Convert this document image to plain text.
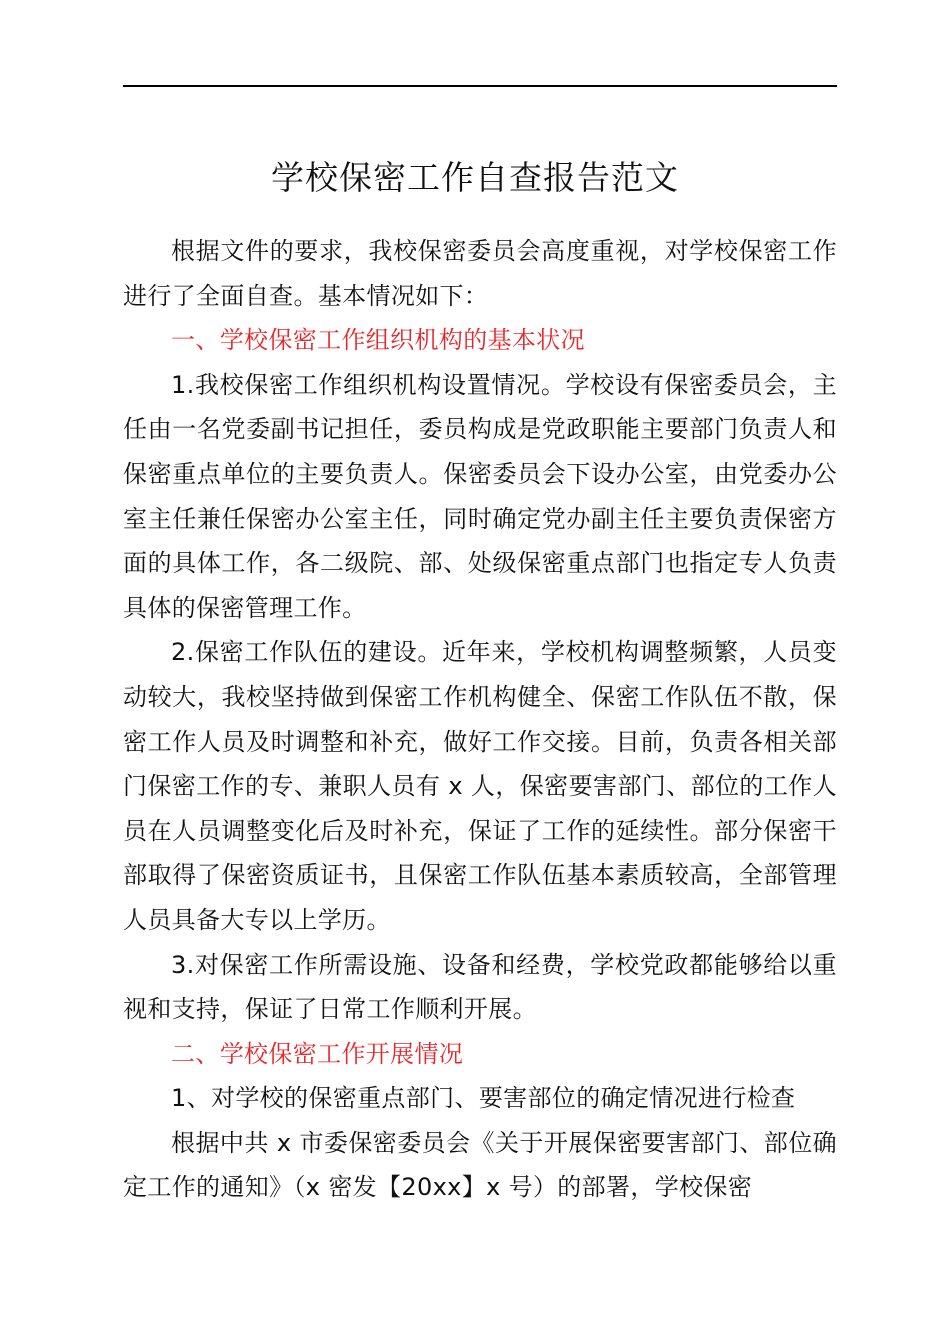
学校保密工作自查报告范文

根据文件的要求，我校保密委员会高度重视，对学校保密工作进行了全面自查。基本情况如下：

一、学校保密工作组织机构的基本状况

1.我校保密工作组织机构设置情况。学校设有保密委员会，主任由一名党委副书记担任，委员构成是党政职能主要部门负责人和保密重点单位的主要负责人。保密委员会下设办公室，由党委办公室主任兼任保密办公室主任，同时确定党办副主任主要负责保密方面的具体工作，各二级院、部、处级保密重点部门也指定专人负责具体的保密管理工作。

2.保密工作队伍的建设。近年来，学校机构调整频繁，人员变动较大，我校坚持做到保密工作机构健全、保密工作队伍不散，保密工作人员及时调整和补充，做好工作交接。目前，负责各相关部门保密工作的专、兼职人员有 x 人，保密要害部门、部位的工作人员在人员调整变化后及时补充，保证了工作的延续性。部分保密干部取得了保密资质证书，且保密工作队伍基本素质较高，全部管理人员具备大专以上学历。

3.对保密工作所需设施、设备和经费，学校党政都能够给以重视和支持，保证了日常工作顺利开展。

二、学校保密工作开展情况

1、对学校的保密重点部门、要害部位的确定情况进行检查

根据中共 x 市委保密委员会《关于开展保密要害部门、部位确定工作的通知》（x 密发【20xx】x 号）的部署，学校保密
